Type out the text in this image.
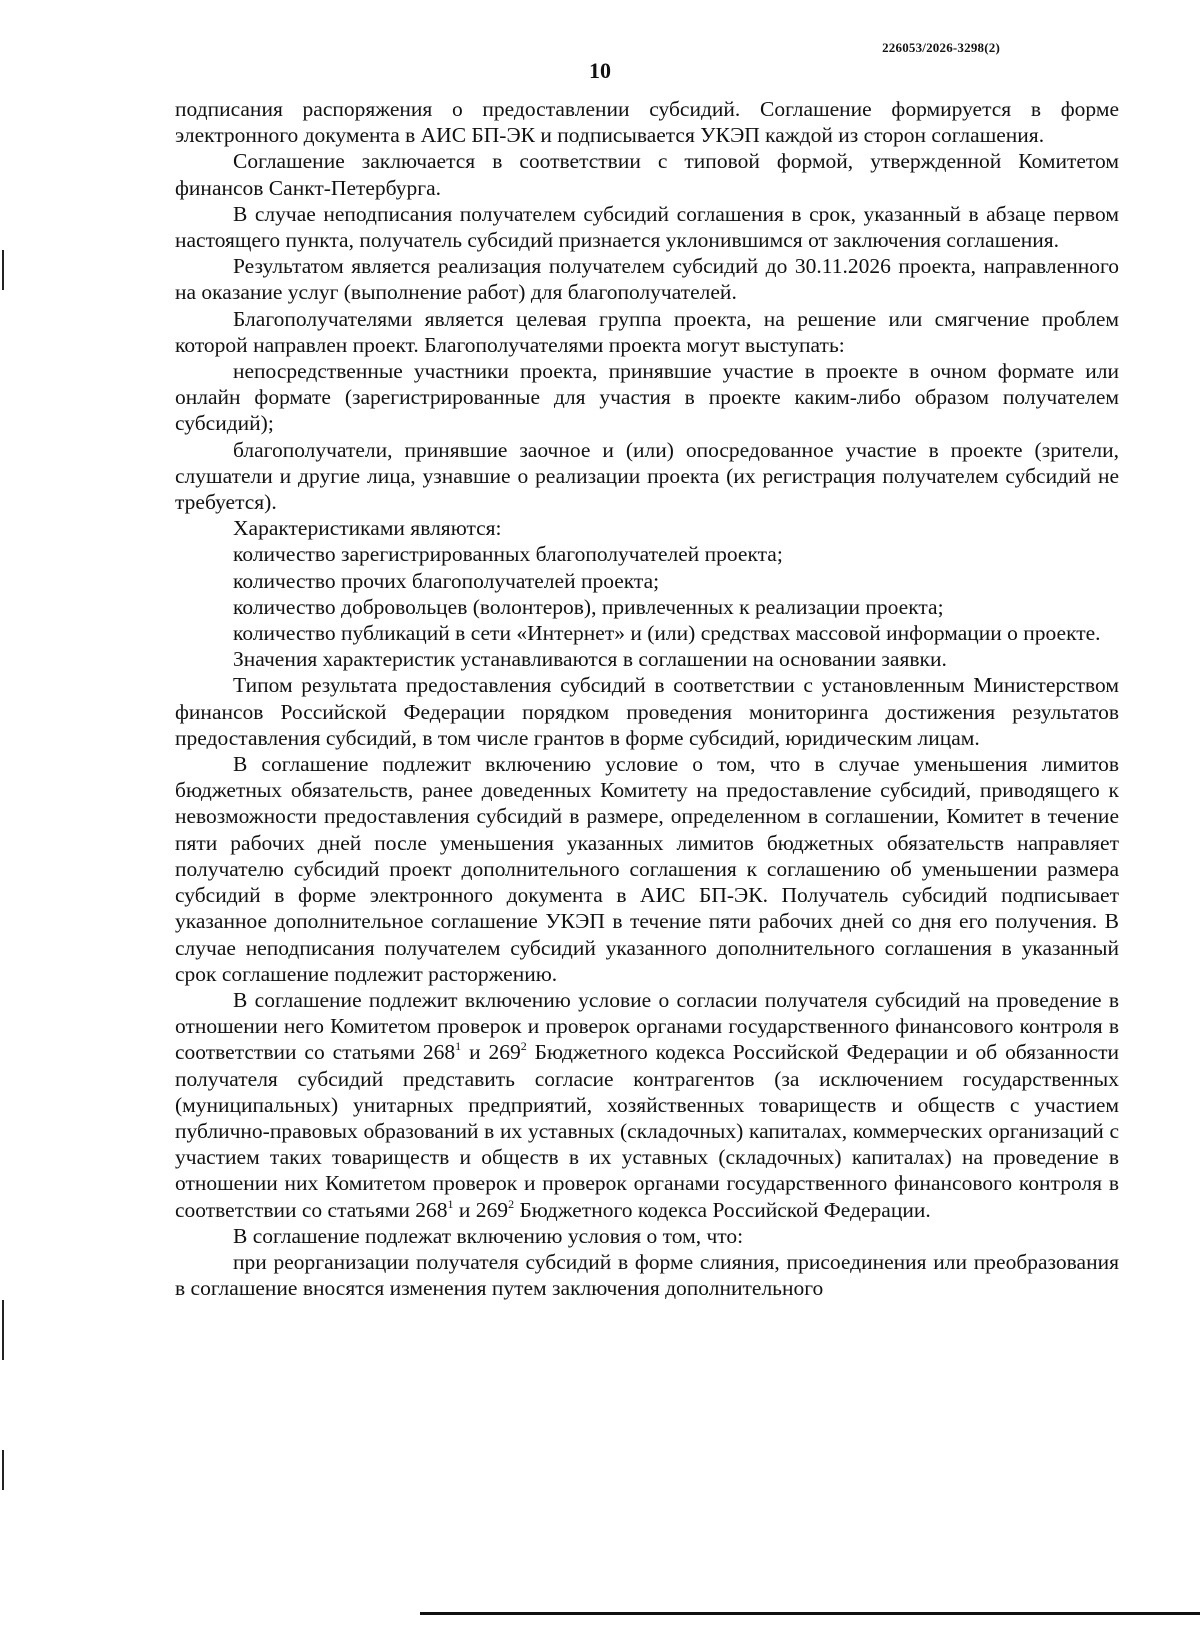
226053/2026-3298(2)
10

подписания распоряжения о предоставлении субсидий. Соглашение формируется в форме электронного документа в АИС БП-ЭК и подписывается УКЭП каждой из сторон соглашения.

Соглашение заключается в соответствии с типовой формой, утвержденной Комитетом финансов Санкт-Петербурга.

В случае неподписания получателем субсидий соглашения в срок, указанный в абзаце первом настоящего пункта, получатель субсидий признается уклонившимся от заключения соглашения.

Результатом является реализация получателем субсидий до 30.11.2026 проекта, направленного на оказание услуг (выполнение работ) для благополучателей.

Благополучателями является целевая группа проекта, на решение или смягчение проблем которой направлен проект. Благополучателями проекта могут выступать:

непосредственные участники проекта, принявшие участие в проекте в очном формате или онлайн формате (зарегистрированные для участия в проекте каким-либо образом получателем субсидий);

благополучатели, принявшие заочное и (или) опосредованное участие в проекте (зрители, слушатели и другие лица, узнавшие о реализации проекта (их регистрация получателем субсидий не требуется).

Характеристиками являются:

количество зарегистрированных благополучателей проекта;

количество прочих благополучателей проекта;

количество добровольцев (волонтеров), привлеченных к реализации проекта;

количество публикаций в сети «Интернет» и (или) средствах массовой информации о проекте.

Значения характеристик устанавливаются в соглашении на основании заявки.

Типом результата предоставления субсидий в соответствии с установленным Министерством финансов Российской Федерации порядком проведения мониторинга достижения результатов предоставления субсидий, в том числе грантов в форме субсидий, юридическим лицам.

В соглашение подлежит включению условие о том, что в случае уменьшения лимитов бюджетных обязательств, ранее доведенных Комитету на предоставление субсидий, приводящего к невозможности предоставления субсидий в размере, определенном в соглашении, Комитет в течение пяти рабочих дней после уменьшения указанных лимитов бюджетных обязательств направляет получателю субсидий проект дополнительного соглашения к соглашению об уменьшении размера субсидий в форме электронного документа в АИС БП-ЭК. Получатель субсидий подписывает указанное дополнительное соглашение УКЭП в течение пяти рабочих дней со дня его получения. В случае неподписания получателем субсидий указанного дополнительного соглашения в указанный срок соглашение подлежит расторжению.

В соглашение подлежит включению условие о согласии получателя субсидий на проведение в отношении него Комитетом проверок и проверок органами государственного финансового контроля в соответствии со статьями $268^1$ и $269^2$ Бюджетного кодекса Российской Федерации и об обязанности получателя субсидий представить согласие контрагентов (за исключением государственных (муниципальных) унитарных предприятий, хозяйственных товариществ и обществ с участием публично-правовых образований в их уставных (складочных) капиталах, коммерческих организаций с участием таких товариществ и обществ в их уставных (складочных) капиталах) на проведение в отношении них Комитетом проверок и проверок органами государственного финансового контроля в соответствии со статьями $268^1$ и $269^2$ Бюджетного кодекса Российской Федерации.

В соглашение подлежат включению условия о том, что:

при реорганизации получателя субсидий в форме слияния, присоединения или преобразования в соглашение вносятся изменения путем заключения дополнительного
